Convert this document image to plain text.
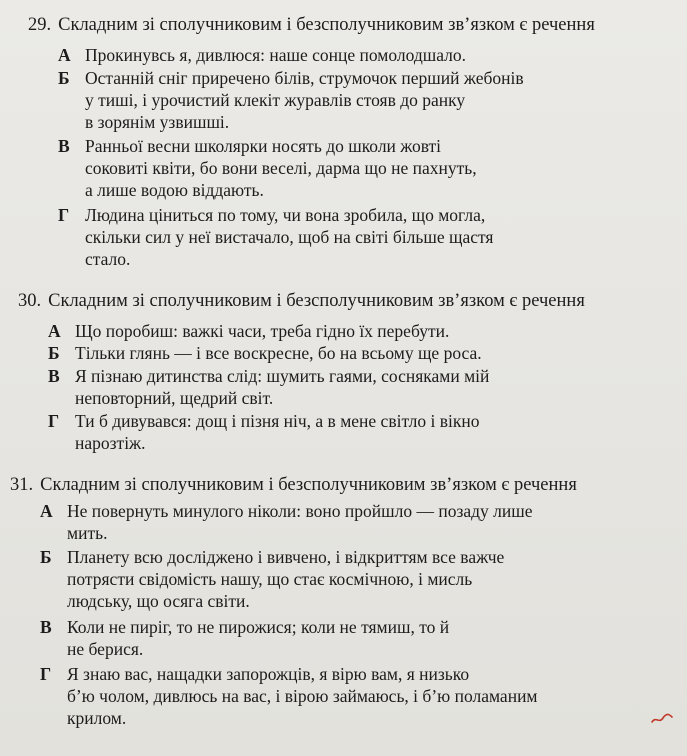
29. Складним зі сполучниковим і безсполучниковим зв’язком є речення
А Прокинувсь я, дивлюся: наше сонце помолодшало.
Б Останній сніг приречено білів, струмочок перший жебонів
у тиші, і урочистий клекіт журавлів стояв до ранку
в зорянім узвишші.
В Ранньої весни школярки носять до школи жовті
соковиті квіти, бо вони веселі, дарма що не пахнуть,
а лише водою віддають.
Г Людина ціниться по тому, чи вона зробила, що могла,
скільки сил у неї вистачало, щоб на світі більше щастя
стало.
30. Складним зі сполучниковим і безсполучниковим зв’язком є речення
А Що поробиш: важкі часи, треба гідно їх перебути.
Б Тільки глянь — і все воскресне, бо на всьому ще роса.
В Я пізнаю дитинства слід: шумить гаями, сосняками мій
неповторний, щедрий світ.
Г Ти б дивувався: дощ і пізня ніч, а в мене світло і вікно
нарозтіж.
31. Складним зі сполучниковим і безсполучниковим зв’язком є речення
А Не повернуть минулого ніколи: воно пройшло — позаду лише
мить.
Б Планету всю досліджено і вивчено, і відкриттям все важче
потрясти свідомість нашу, що стає космічною, і мисль
людську, що осяга світи.
В Коли не пиріг, то не пирожися; коли не тямиш, то й
не берися.
Г Я знаю вас, нащадки запорожців, я вірю вам, я низько
б’ю чолом, дивлюсь на вас, і вірою займаюсь, і б’ю поламаним
крилом.
